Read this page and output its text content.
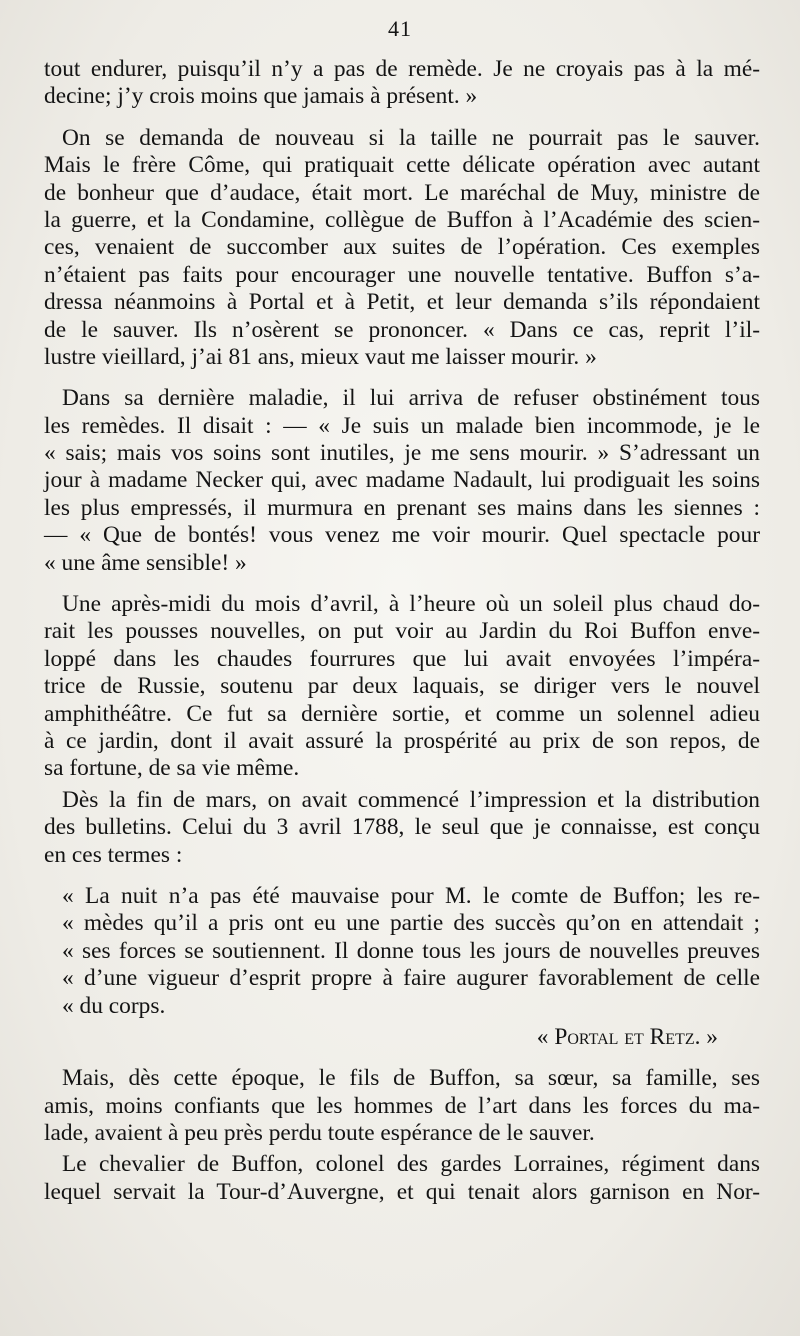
41
tout endurer, puisqu’il n’y a pas de remède. Je ne croyais pas à la mé-
decine; j’y crois moins que jamais à présent. »
On se demanda de nouveau si la taille ne pourrait pas le sauver.
Mais le frère Côme, qui pratiquait cette délicate opération avec autant
de bonheur que d’audace, était mort. Le maréchal de Muy, ministre de
la guerre, et la Condamine, collègue de Buffon à l’Académie des scien-
ces, venaient de succomber aux suites de l’opération. Ces exemples
n’étaient pas faits pour encourager une nouvelle tentative. Buffon s’a-
dressa néanmoins à Portal et à Petit, et leur demanda s’ils répondaient
de le sauver. Ils n’osèrent se prononcer. « Dans ce cas, reprit l’il-
lustre vieillard, j’ai 81 ans, mieux vaut me laisser mourir. »
Dans sa dernière maladie, il lui arriva de refuser obstinément tous
les remèdes. Il disait : — « Je suis un malade bien incommode, je le
« sais; mais vos soins sont inutiles, je me sens mourir. » S’adressant un
jour à madame Necker qui, avec madame Nadault, lui prodiguait les soins
les plus empressés, il murmura en prenant ses mains dans les siennes :
— « Que de bontés! vous venez me voir mourir. Quel spectacle pour
« une âme sensible! »
Une après-midi du mois d’avril, à l’heure où un soleil plus chaud do-
rait les pousses nouvelles, on put voir au Jardin du Roi Buffon enve-
loppé dans les chaudes fourrures que lui avait envoyées l’impéra-
trice de Russie, soutenu par deux laquais, se diriger vers le nouvel
amphithéâtre. Ce fut sa dernière sortie, et comme un solennel adieu
à ce jardin, dont il avait assuré la prospérité au prix de son repos, de
sa fortune, de sa vie même.
Dès la fin de mars, on avait commencé l’impression et la distribution
des bulletins. Celui du 3 avril 1788, le seul que je connaisse, est conçu
en ces termes :
« La nuit n’a pas été mauvaise pour M. le comte de Buffon; les re-
« mèdes qu’il a pris ont eu une partie des succès qu’on en attendait ;
« ses forces se soutiennent. Il donne tous les jours de nouvelles preuves
« d’une vigueur d’esprit propre à faire augurer favorablement de celle
« du corps.
« Portal et Retz. »
Mais, dès cette époque, le fils de Buffon, sa sœur, sa famille, ses
amis, moins confiants que les hommes de l’art dans les forces du ma-
lade, avaient à peu près perdu toute espérance de le sauver.
Le chevalier de Buffon, colonel des gardes Lorraines, régiment dans
lequel servait la Tour-d’Auvergne, et qui tenait alors garnison en Nor-
